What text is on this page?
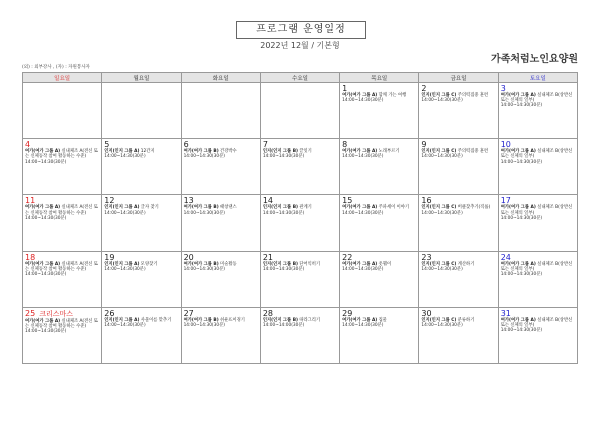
프로그램 운영일정
2022년 12월 / 기본형
가족처럼노인요양원
(외) : 외부강사 , (자) : 자원봉사자
일요일	월요일	화요일	수요일	목요일	금요일	토요일

				1
여가(여가 그룹 A) 함께 가는 여행
14:00~14:30(30분)	2
인지(인지 그룹 C) 주의력집중 훈련
14:00~14:30(30분)	3
여가(여가 그룹 A) 실내체조 B(상반신 또는 신체의 일부)
14:00~14:30(30분)

4
여가(여가 그룹 A) 실내체조 A(전신 또는 신체동작 참여 활동하는 수준)
14:00~14:30(30분)	5
인지(인지 그룹 A) 12간지
14:00~14:30(30분)	6
여가(여가 그룹 B) 건강박수
14:00~14:30(30분)	7
인지(인지 그룹 B) 끝잇기
14:00~14:30(30분)	8
여가(여가 그룹 A) 노래부르기
14:00~14:30(30분)	9
인지(인지 그룹 C) 주의력집중 훈련
14:00~14:30(30분)	10
여가(여가 그룹 A) 실내체조 B(상반신 또는 신체의 일부)
14:00~14:30(30분)

11
여가(여가 그룹 A) 실내체조 A(전신 또는 신체동작 참여 활동하는 수준)
14:00~14:30(30분)	12
인지(인지 그룹 A) 글자 찾기
14:00~14:30(30분)	13
여가(여가 그룹 B) 때창댄스
14:00~14:30(30분)	14
인지(인지 그룹 B) 관계기
14:00~14:30(30분)	15
여가(여가 그룹 A) 주파세이 이야기
14:00~14:30(30분)	16
인지(인지 그룹 C) 버클찾추기(직률)
14:00~14:30(30분)	17
여가(여가 그룹 A) 실내체조 B(상반신 또는 신체의 일부)
14:00~14:30(30분)

18
여가(여가 그룹 A) 실내체조 A(전신 또는 신체동작 참여 활동하는 수준)
14:00~14:30(30분)	19
인지(인지 그룹 A) 모양찾기
14:00~14:30(30분)	20
여가(여가 그룹 B) 미술활동
14:00~14:30(30분)	21
인지(인지 그룹 B) 단어익히기
14:00~14:30(30분)	22
여가(여가 그룹 A) 옷웰이
14:00~14:30(30분)	23
인지(인지 그룹 C) 계산하기
14:00~14:30(30분)	24
여가(여가 그룹 A) 실내체조 B(상반신 또는 신체의 일부)
14:00~14:30(30분)

25 크리스마스
여가(여가 그룹 A) 실내체조 A(전신 또는 신체동작 참여 활동하는 수준)
14:00~14:30(30분)	26
인지(인지 그룹 A) 사물이름 맞추기
14:00~14:30(30분)	27
여가(여가 그룹 B) 쉬운뜨이경기
14:00~14:30(30분)	28
인지(인지 그룹 B) 따라그리기
14:00~14:00(30분)	29
여가(여가 그룹 A) 집물
14:00~14:30(30분)	30
인지(인지 그룹 C) 분류하기
14:00~14:30(30분)	31
여가(여가 그룹 A) 실내체조 B(상반신 또는 신체의 일부)
14:00~14:30(30분)
